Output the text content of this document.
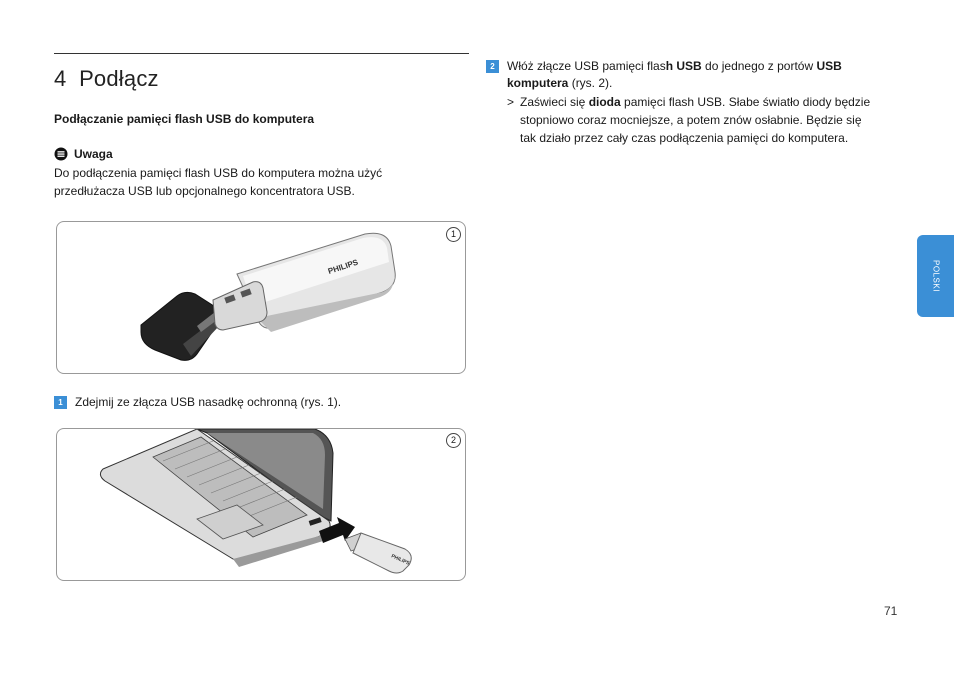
4 Podłącz
Podłączanie pamięci flash USB do komputera
Uwaga

Do podłączenia pamięci flash USB do komputera można użyć
przedłużacza USB lub opcjonalnego koncentratora USB.

1
PHILIPS
1 Zdejmij ze złącza USB nasadkę ochronną (rys. 1).
2
PHILIPS
2 Włóż złącze USB pamięci flash USB do jednego z portów USB
komputera (rys. 2).
> Zaświeci się dioda pamięci flash USB. Słabe światło diody będzie
stopniowo coraz mocniejsze, a potem znów osłabnie. Będzie się
tak działo przez cały czas podłączenia pamięci do komputera.
POLSKI
71
